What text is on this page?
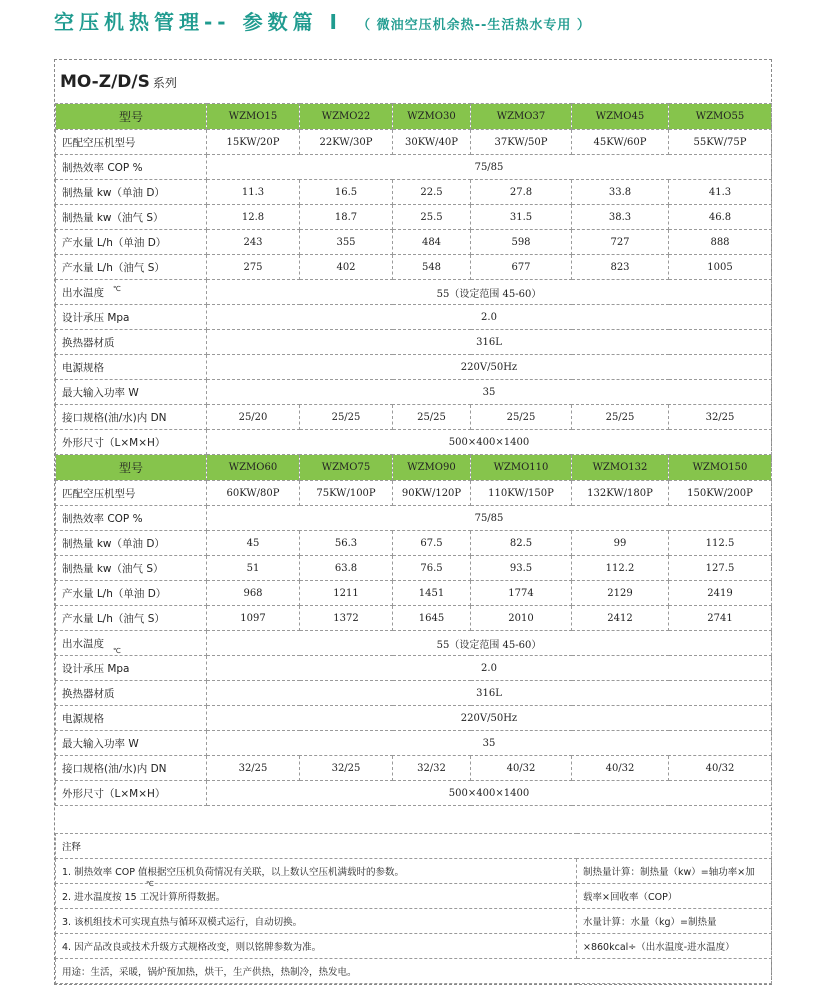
空压机热管理-- 参数篇 I （ 微油空压机余热--生活热水专用 ）
MO-Z/D/S 系列
型号	WZMO15	WZMO22	WZMO30	WZMO37	WZMO45	WZMO55
匹配空压机型号	15KW/20P	22KW/30P	30KW/40P	37KW/50P	45KW/60P	55KW/75P
制热效率 COP %	75/85					
制热量 kw（单油 D）	11.3	16.5	22.5	27.8	33.8	41.3
制热量 kw（油气 S）	12.8	18.7	25.5	31.5	38.3	46.8
产水量 L/h（单油 D）	243	355	484	598	727	888
产水量 L/h（油气 S）	275	402	548	677	823	1005
出水温度	55（设定范围 45-60）					
设计承压 Mpa	2.0					
换热器材质	316L					
电源规格	220V/50Hz					
最大输入功率 W	35					
接口规格(油/水)内 DN	25/20	25/25	25/25	25/25	25/25	32/25
外形尺寸（L×M×H）	500×400×1400					
型号	WZMO60	WZMO75	WZMO90	WZMO110	WZMO132	WZMO150
匹配空压机型号	60KW/80P	75KW/100P	90KW/120P	110KW/150P	132KW/180P	150KW/200P
制热效率 COP %	75/85					
制热量 kw（单油 D）	45	56.3	67.5	82.5	99	112.5
制热量 kw（油气 S）	51	63.8	76.5	93.5	112.2	127.5
产水量 L/h（单油 D）	968	1211	1451	1774	2129	2419
产水量 L/h（油气 S）	1097	1372	1645	2010	2412	2741
出水温度	55（设定范围 45-60）					
设计承压 Mpa	2.0					
换热器材质	316L					
电源规格	220V/50Hz					
最大输入功率 W	35					
接口规格(油/水)内 DN	32/25	32/25	32/32	40/32	40/32	40/32
外形尺寸（L×M×H）	500×400×1400					
注释	
1. 制热效率 COP 值根据空压机负荷情况有关联，以上数认空压机满载时的参数。	制热量计算：制热量（kw）=轴功率×加
2. 进水温度按 15 工况计算所得数据。	载率×回收率（COP）
3. 该机组技术可实现直热与循环双模式运行，自动切换。	水量计算：水量（kg）=制热量
4. 因产品改良或技术升级方式规格改变，则以铭牌参数为准。	×860kcal÷（出水温度-进水温度）
用途：生活，采暖，锅炉预加热，烘干，生产供热，热制冷，热发电。	
℃
℃
℃
